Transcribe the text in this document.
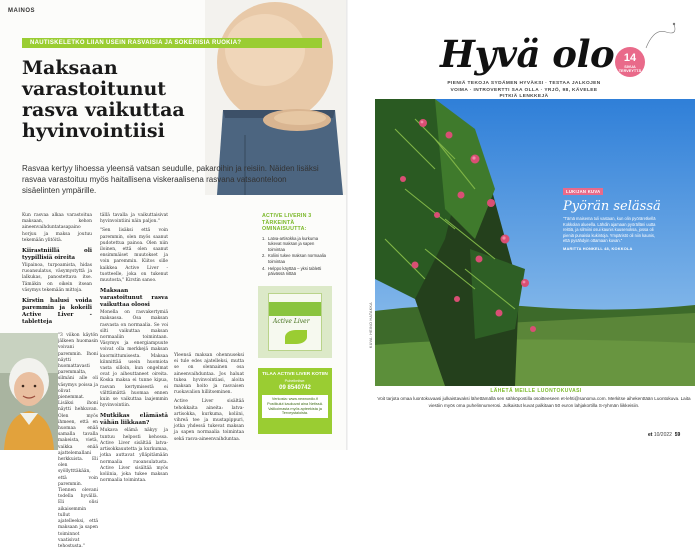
MAINOS
NAUTISKELETKO LIIAN USEIN RASVAISIA JA SOKERISIA RUOKIA?
Maksaan varastoitunut rasva vaikuttaa hyvinvointiisi

Rasvaa kertyy lihoessa yleensä vatsan seudulle, pakaroihin ja reisiin. Näiden lisäksi rasvaa varastoituu myös haitallisena viskeraalisena rasvana vatsaonteloon sisäelinten ympärille.

Kun rasvaa alkaa varastoitua maksaan, kehon aineenvaihduntatasapaino horjuu ja maksa joutuu tekemään ylitöitä.

Kiirastniillä oli tyypillisiä oireita

Ylipainoa, turpoamista, hidas ruoansulatus, väsymystyttä ja lalkukas, panostettava itse. Tämäkin on oikein itsean väsymys tekemään mittoja.

Kirstin halusi voida paremmin ja kokeili Active Liver -tabletteja

"3 viikon käytön jälkeen huomasin voivani paremmin. Ihoni näytti huomattavasti paremmalta, silmäni alle oli väsymys poissa ja olivat pienemmat. Lisäksi ihoni näytti hehkuvan. Olen myös ihmeen, että en huomaa enää samalla tavalla makeista, vietä, vaikka enää ajattelemallani herkkuista. Eli olen syöllytttäkään, että voin paremmin. Tiennen olevani todella hyvällä. Eli olisi aikaisemmin tullut ajatelleeksi, että maksaan ja sapen toiminnot vaatisivat tehostusta."

tällä tavalla ja vaikuttaisivat hyvinvointiini näin paljon."

"Sen lisäksi että voin paremmin, olen myös saanut pudotettua painoa. Olen niin iloinen, että olen saanut ensimmäiset muutokset ja voin paremmin. Kiitos sille kaikkea Active Liver -tuotteelle, joka on tukenut muutosta," Kirstin sanoo.

Maksaan varastoitunut rasva vaikuttaa oloosi

Monella on rasvakertymiä maksassa. Osa maksan rasvasta on normaalia. Se voi silti vaikuttaa maksan normaaliin toimintaan. Väsymys ja energiampuute voivat olla merkkejä maksan kuormittumisesta. Maksaa kiinnittää usein huomiota vasta silloin, kun ongelmat ovat jo aiheuttaneet oireita. Koska maksa ei tunne kipua, rasvan kertymisestä ei välttämättä huomaa ennen kuin se vaikuttaa laajemmin hyvinvointiin.

Mutkikas elämästä vähän liikkaan?

Mukava elämä näkyy ja tuntuu helposti kehossa. Active Liver sisältää latva-artisokkauutetta ja kurkumaa, jotka auttavat ylläpitämään normaalia ruoansulatusta. Active Liver sisältää myös koliinia, joka tukee maksan normaalia toimintaa.

Yleensä maksan ohennuseksi ei tule edes ajatelleksi, mutta se on olennainen osa aineenvaihduntaa. Jos haluat tukea hyvinvointiasi, aloita maksan hoito ja rasvaisen ruokavalion hillitseminen.

Active Liver sisältää tehokkaita aineita: latva-artisokka, kurkuma, koliini, vihreä tee ja mustapippuri, jotka yhdessä tukevat maksan ja sapen normaalia toimintaa sekä rasva-aineenvaihduntaa.

ACTIVE LIVERIN 3 TÄRKEINTÄ OMINAISUUTTA:
1. Latva-artisokka ja kurkuma tukevat maksan ja sapen toimintaa
2. Koliini tukee maksan normaalia toimintaa
4. Helppo käyttää – yksi tabletti päivässä riittää
Active Liver
TILAA ACTIVE LIVER KOTIIN
Puhelimitse:
09 8540742
Verkosta: www.newnordic.fi
Postikulut kaukuvat aina Netissä.
Valikoimasta myös apteekista ja Terveystaloista.
Hyvä olo
PIENIÄ TEKOJA SYDÄMEN HYVÄKSI · TESTAA JALKOJEN VOIMA · INTROVERTTI SAA OLLA · YRJÖ, 98, KÄVELEE PITKIÄ LENKKEJÄ
14
SIVUA TERVEYTTÄ
KUVA: HEINO HATAKKA
LUKIJAN KUVA
Pyörän selässä
"Tämä maisema tuli vastaan, kun olin pyöräretkellä Kokkolan alueella. Lähdin ajamaan pyörälläni uutta reittiä, ja silmiini osui kaunis kuusenoksa, jossa oli pieniä punaisia kukintoja. Ympäristö oli niin kaunis, että pysähdyin ottamaan kuvan."
MARITTA HONKELL 48, KOKKOLA
LÄHETÄ MEILLE LUONTOKUVASI
Voit tarjota omaa luontokuvaasi julkaistavaksi lähettämällä sen sähköpostilla osoitteeseen et-lehti@sanoma.com. Merkitse aihekenttään Luontokuva. Laita viestiin myös oma puhelinnumerosi. Julkaistut kuvat palkitaan 50 euron lahjakortilla S-ryhmän liikkeisiin.
et 10/2022 59
